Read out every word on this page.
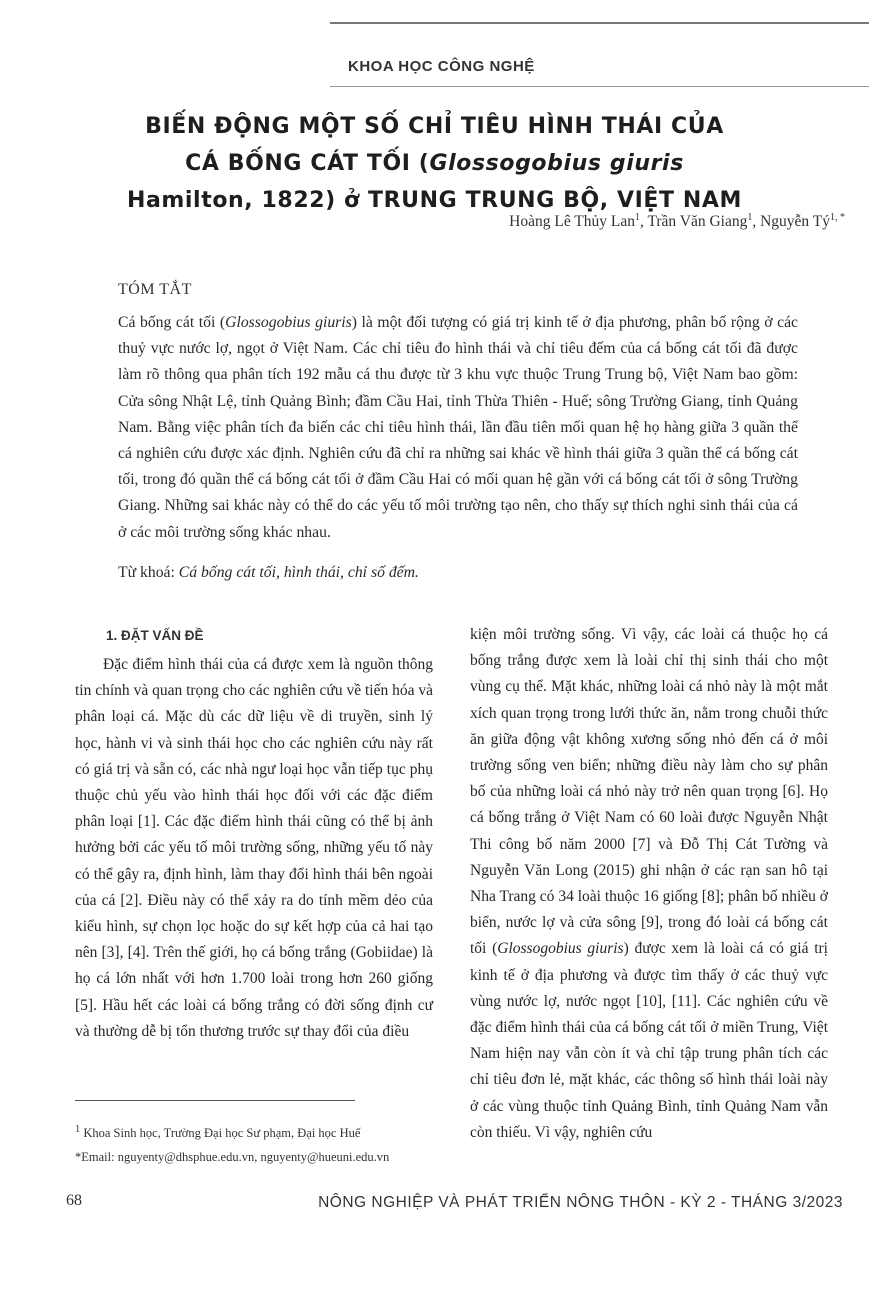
KHOA HỌC CÔNG NGHỆ
BIẾN ĐỘNG MỘT SỐ CHỈ TIÊU HÌNH THÁI CỦA
CÁ BỐNG CÁT TỐI (Glossogobius giuris
Hamilton, 1822) ở TRUNG TRUNG BỘ, VIỆT NAM
Hoàng Lê Thủy Lan$^1$, Trần Văn Giang$^1$, Nguyễn $Tý^{1, *}$
TÓM TẮT

Cá bống cát tối (Glossogobius giuris) là một đối tượng có giá trị kinh tế ở địa phương, phân bố rộng ở các thuỷ vực nước lợ, ngọt ở Việt Nam. Các chỉ tiêu đo hình thái và chỉ tiêu đếm của cá bống cát tối đã được làm rõ thông qua phân tích 192 mẫu cá thu được từ 3 khu vực thuộc Trung Trung bộ, Việt Nam bao gồm: Cửa sông Nhật Lệ, tỉnh Quảng Bình; đầm Cầu Hai, tỉnh Thừa Thiên - Huế; sông Trường Giang, tỉnh Quảng Nam. Bằng việc phân tích đa biến các chỉ tiêu hình thái, lần đầu tiên mối quan hệ họ hàng giữa 3 quần thể cá nghiên cứu được xác định. Nghiên cứu đã chỉ ra những sai khác về hình thái giữa 3 quần thể cá bống cát tối, trong đó quần thể cá bống cát tối ở đầm Cầu Hai có mối quan hệ gần với cá bống cát tối ở sông Trường Giang. Những sai khác này có thể do các yếu tố môi trường tạo nên, cho thấy sự thích nghi sinh thái của cá ở các môi trường sống khác nhau.

Từ khoá: Cá bống cát tối, hình thái, chỉ số đếm.
1. ĐẶT VẤN ĐỀ

Đặc điểm hình thái của cá được xem là nguồn thông tin chính và quan trọng cho các nghiên cứu về tiến hóa và phân loại cá. Mặc dù các dữ liệu về di truyền, sinh lý học, hành vi và sinh thái học cho các nghiên cứu này rất có giá trị và sẵn có, các nhà ngư loại học vẫn tiếp tục phụ thuộc chủ yếu vào hình thái học đối với các đặc điểm phân loại [1]. Các đặc điểm hình thái cũng có thể bị ảnh hưởng bởi các yếu tố môi trường sống, những yếu tố này có thể gây ra, định hình, làm thay đổi hình thái bên ngoài của cá [2]. Điều này có thể xảy ra do tính mềm dẻo của kiểu hình, sự chọn lọc hoặc do sự kết hợp của cả hai tạo nên [3], [4]. Trên thế giới, họ cá bống trắng (Gobiidae) là họ cá lớn nhất với hơn 1.700 loài trong hơn 260 giống [5]. Hầu hết các loài cá bống trắng có đời sống định cư và thường dễ bị tổn thương trước sự thay đổi của điều

kiện môi trường sống. Vì vậy, các loài cá thuộc họ cá bống trắng được xem là loài chỉ thị sinh thái cho một vùng cụ thể. Mặt khác, những loài cá nhỏ này là một mắt xích quan trọng trong lưới thức ăn, nằm trong chuỗi thức ăn giữa động vật không xương sống nhỏ đến cá ở môi trường sống ven biển; những điều này làm cho sự phân bố của những loài cá nhỏ này trở nên quan trọng [6]. Họ cá bống trắng ở Việt Nam có 60 loài được Nguyễn Nhật Thi công bố năm 2000 [7] và Đỗ Thị Cát Tường và Nguyễn Văn Long (2015) ghi nhận ở các rạn san hô tại Nha Trang có 34 loài thuộc 16 giống [8]; phân bố nhiều ở biển, nước lợ và cửa sông [9], trong đó loài cá bống cát tối (Glossogobius giuris) được xem là loài cá có giá trị kinh tế ở địa phương và được tìm thấy ở các thuỷ vực vùng nước lợ, nước ngọt [10], [11]. Các nghiên cứu về đặc điểm hình thái của cá bống cát tối ở miền Trung, Việt Nam hiện nay vẫn còn ít và chỉ tập trung phân tích các chỉ tiêu đơn lẻ, mặt khác, các thông số hình thái loài này ở các vùng thuộc tỉnh Quảng Bình, tỉnh Quảng Nam vẫn còn thiếu. Vì vậy, nghiên cứu

$^1$ Khoa Sinh học, Trường Đại học Sư phạm, Đại học Huế
*Email: nguyenty@dhsphue.edu.vn, nguyenty@hueuni.edu.vn
68	NÔNG NGHIỆP VÀ PHÁT TRIỂN NÔNG THÔN - KỲ 2 - THÁNG 3/2023
